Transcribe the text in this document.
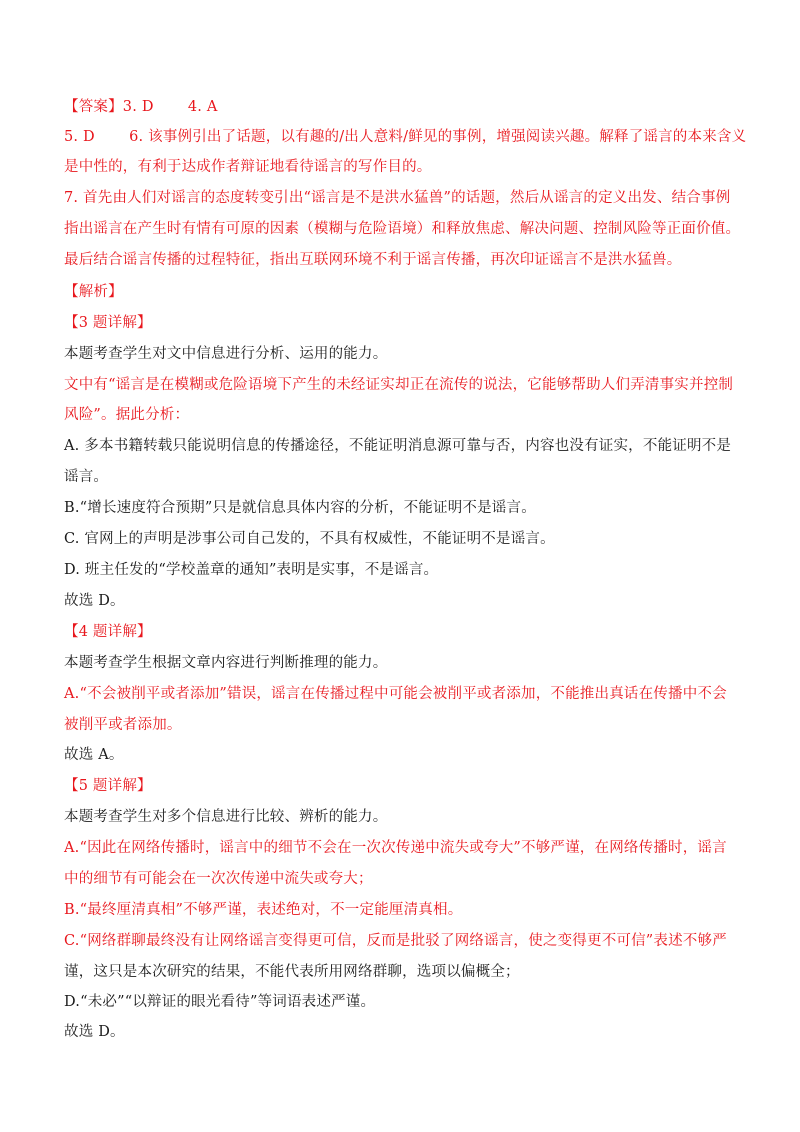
【答案】3. D　　 4. A
5. D　　 6. 该事例引出了话题，以有趣的/出人意料/鲜见的事例，增强阅读兴趣。解释了谣言的本来含义
是中性的，有利于达成作者辩证地看待谣言的写作目的。
7. 首先由人们对谣言的态度转变引出“谣言是不是洪水猛兽”的话题，然后从谣言的定义出发、结合事例
指出谣言在产生时有情有可原的因素（模糊与危险语境）和释放焦虑、解决问题、控制风险等正面价值。
最后结合谣言传播的过程特征，指出互联网环境不利于谣言传播，再次印证谣言不是洪水猛兽。
【解析】
【3 题详解】
本题考查学生对文中信息进行分析、运用的能力。
文中有“谣言是在模糊或危险语境下产生的未经证实却正在流传的说法，它能够帮助人们弄清事实并控制
风险”。据此分析：
A. 多本书籍转载只能说明信息的传播途径，不能证明消息源可靠与否，内容也没有证实，不能证明不是
谣言。
B.“增长速度符合预期”只是就信息具体内容的分析，不能证明不是谣言。
C. 官网上的声明是涉事公司自己发的，不具有权威性，不能证明不是谣言。
D. 班主任发的“学校盖章的通知”表明是实事，不是谣言。
故选 D。
【4 题详解】
本题考查学生根据文章内容进行判断推理的能力。
A.“不会被削平或者添加”错误，谣言在传播过程中可能会被削平或者添加，不能推出真话在传播中不会
被削平或者添加。
故选 A。
【5 题详解】
本题考查学生对多个信息进行比较、辨析的能力。
A.“因此在网络传播时，谣言中的细节不会在一次次传递中流失或夸大”不够严谨，在网络传播时，谣言
中的细节有可能会在一次次传递中流失或夸大；
B.“最终厘清真相”不够严谨，表述绝对，不一定能厘清真相。
C.“网络群聊最终没有让网络谣言变得更可信，反而是批驳了网络谣言，使之变得更不可信”表述不够严
谨，这只是本次研究的结果，不能代表所用网络群聊，选项以偏概全；
D.“未必”“以辩证的眼光看待”等词语表述严谨。
故选 D。
